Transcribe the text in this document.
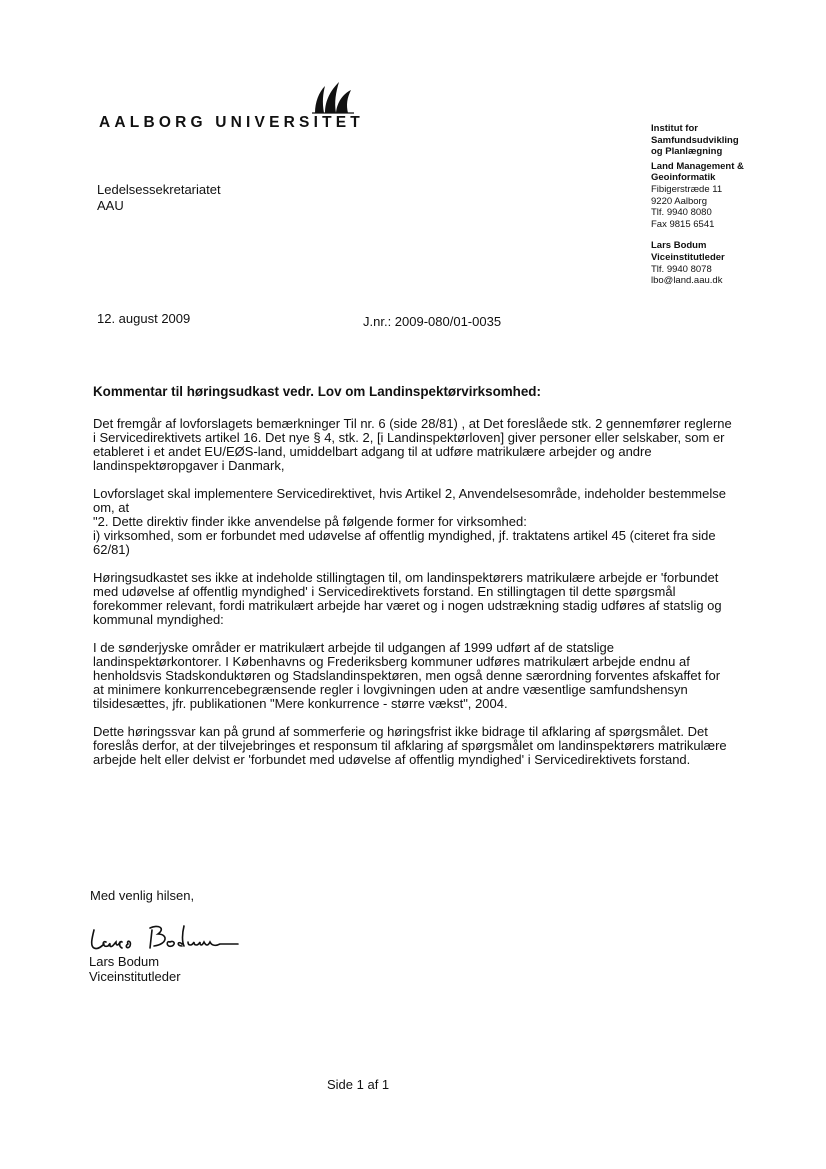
AALBORG UNIVERSITET	Institut for
Samfundsudvikling
og Planlægning
Land Management &
Geoinformatik
Fibigerstræde 11
9220 Aalborg
Tlf. 9940 8080
Fax 9815 6541
Lars Bodum
Viceinstitutleder
Tlf. 9940 8078
lbo@land.aau.dk
Ledelsessekretariatet
AAU
12. august 2009	J.nr.: 2009-080/01-0035
Kommentar til høringsudkast vedr. Lov om Landinspektørvirksomhed:

Det fremgår af lovforslagets bemærkninger Til nr. 6 (side 28/81) , at Det foreslåede stk. 2 gennemfører reglerne i Servicedirektivets artikel 16. Det nye § 4, stk. 2, [i Landinspektørloven] giver personer eller selskaber, som er etableret i et andet EU/EØS-land, umiddelbart adgang til at udføre matrikulære arbejder og andre landinspektøropgaver i Danmark,

Lovforslaget skal implementere Servicedirektivet, hvis Artikel 2, Anvendelsesområde, indeholder bestemmelse om, at
"2. Dette direktiv finder ikke anvendelse på følgende former for virksomhed:
i) virksomhed, som er forbundet med udøvelse af offentlig myndighed, jf. traktatens artikel 45 (citeret fra side 62/81)

Høringsudkastet ses ikke at indeholde stillingtagen til, om landinspektørers matrikulære arbejde er 'forbundet med udøvelse af offentlig myndighed' i Servicedirektivets forstand. En stillingtagen til dette spørgsmål forekommer relevant, fordi matrikulært arbejde har været og i nogen udstrækning stadig udføres af statslig og kommunal myndighed:

I de sønderjyske områder er matrikulært arbejde til udgangen af 1999 udført af de statslige landinspektørkontorer. I Københavns og Frederiksberg kommuner udføres matrikulært arbejde endnu af henholdsvis Stadskonduktøren og Stadslandinspektøren, men også denne særordning forventes afskaffet for at minimere konkurrencebegrænsende regler i lovgivningen uden at andre væsentlige samfundshensyn tilsidesættes, jfr. publikationen "Mere konkurrence - større vækst", 2004.

Dette høringssvar kan på grund af sommerferie og høringsfrist ikke bidrage til afklaring af spørgsmålet. Det foreslås derfor, at der tilvejebringes et responsum til afklaring af spørgsmålet om landinspektørers matrikulære arbejde helt eller delvist er 'forbundet med udøvelse af offentlig myndighed' i Servicedirektivets forstand.

Med venlig hilsen,
Lars Bodum
Viceinstitutleder
Side 1 af 1
